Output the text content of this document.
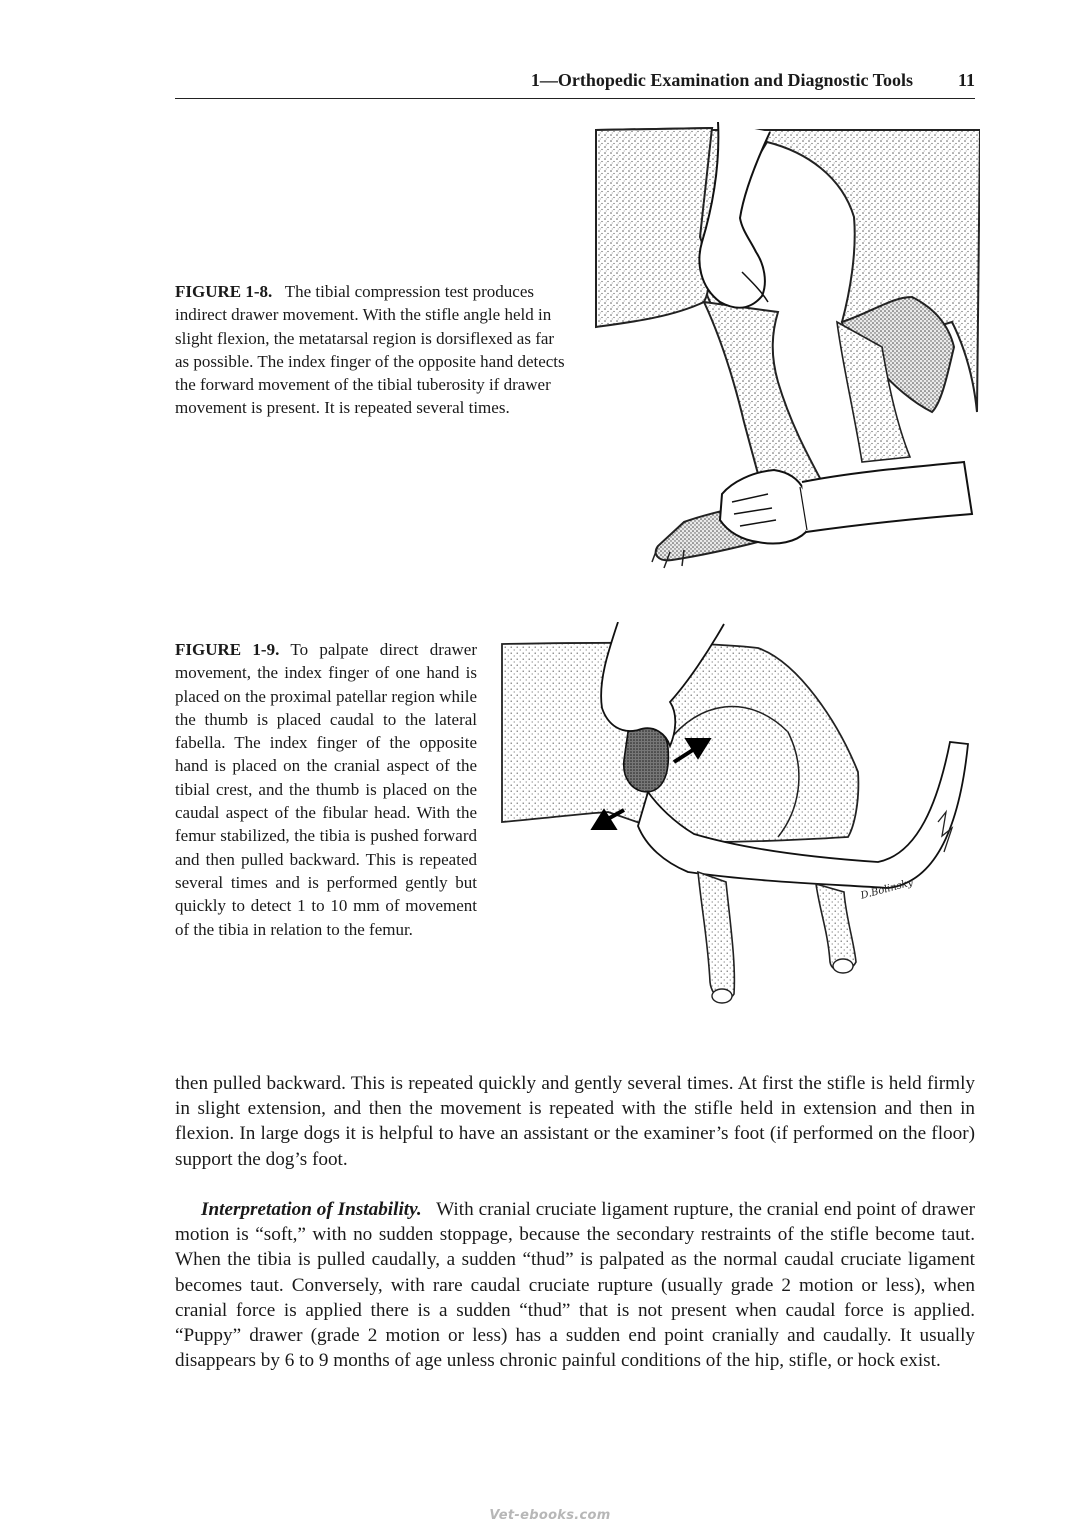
1—Orthopedic Examination and Diagnostic Tools 11
FIGURE 1-8. The tibial compression test produces indirect drawer movement. With the stifle angle held in slight flexion, the metatarsal region is dorsiflexed as far as possible. The index finger of the opposite hand detects the forward movement of the tibial tuberosity if drawer movement is present. It is repeated several times.
FIGURE 1-9. To palpate direct drawer movement, the index finger of one hand is placed on the proximal patellar region while the thumb is placed caudal to the lateral fabella. The index finger of the opposite hand is placed on the cranial aspect of the tibial crest, and the thumb is placed on the caudal aspect of the fibular head. With the femur stabilized, the tibia is pushed forward and then pulled backward. This is repeated several times and is performed gently but quickly to detect 1 to 10 mm of movement of the tibia in relation to the femur.
D.Bolinsky

then pulled backward. This is repeated quickly and gently several times. At first the stifle is held firmly in slight extension, and then the movement is repeated with the stifle held in extension and then in flexion. In large dogs it is helpful to have an assistant or the examiner’s foot (if performed on the floor) support the dog’s foot.

Interpretation of Instability. With cranial cruciate ligament rupture, the cranial end point of drawer motion is “soft,” with no sudden stoppage, because the secondary restraints of the stifle become taut. When the tibia is pulled caudally, a sudden “thud” is palpated as the normal caudal cruciate ligament becomes taut. Conversely, with rare caudal cruciate rupture (usually grade 2 motion or less), when cranial force is applied there is a sudden “thud” that is not present when caudal force is applied. “Puppy” drawer (grade 2 motion or less) has a sudden end point cranially and caudally. It usually disappears by 6 to 9 months of age unless chronic painful conditions of the hip, stifle, or hock exist.

Vet-ebooks.com
